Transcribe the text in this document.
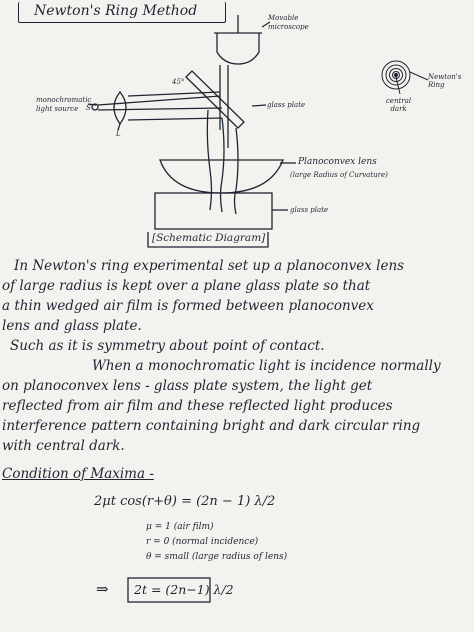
Newton's Ring Method	Movable
microscope
45°
monochromatic
light source	S
L
glass plate
Planoconvex lens
(large Radius of Curvature)
glass plate
Newton's Ring
central
dark
[Schematic Diagram]
In Newton's ring experimental set up a planoconvex lens
of large radius is kept over a plane glass plate so that
a thin wedged air film is formed between planoconvex
lens and glass plate.
Such as it is symmetry about point of contact.
When a monochromatic light is incidence normally
on planoconvex lens - glass plate system, the light get
reflected from air film and these reflected light produces
interference pattern containing bright and dark circular ring
with central dark.
Condition of Maxima -
2μt cos(r+θ) = (2n − 1) λ/2
μ = 1 (air film)
r = 0 (normal incidence)
θ = small (large radius of lens)
⇒ 2t = (2n−1) λ/2
